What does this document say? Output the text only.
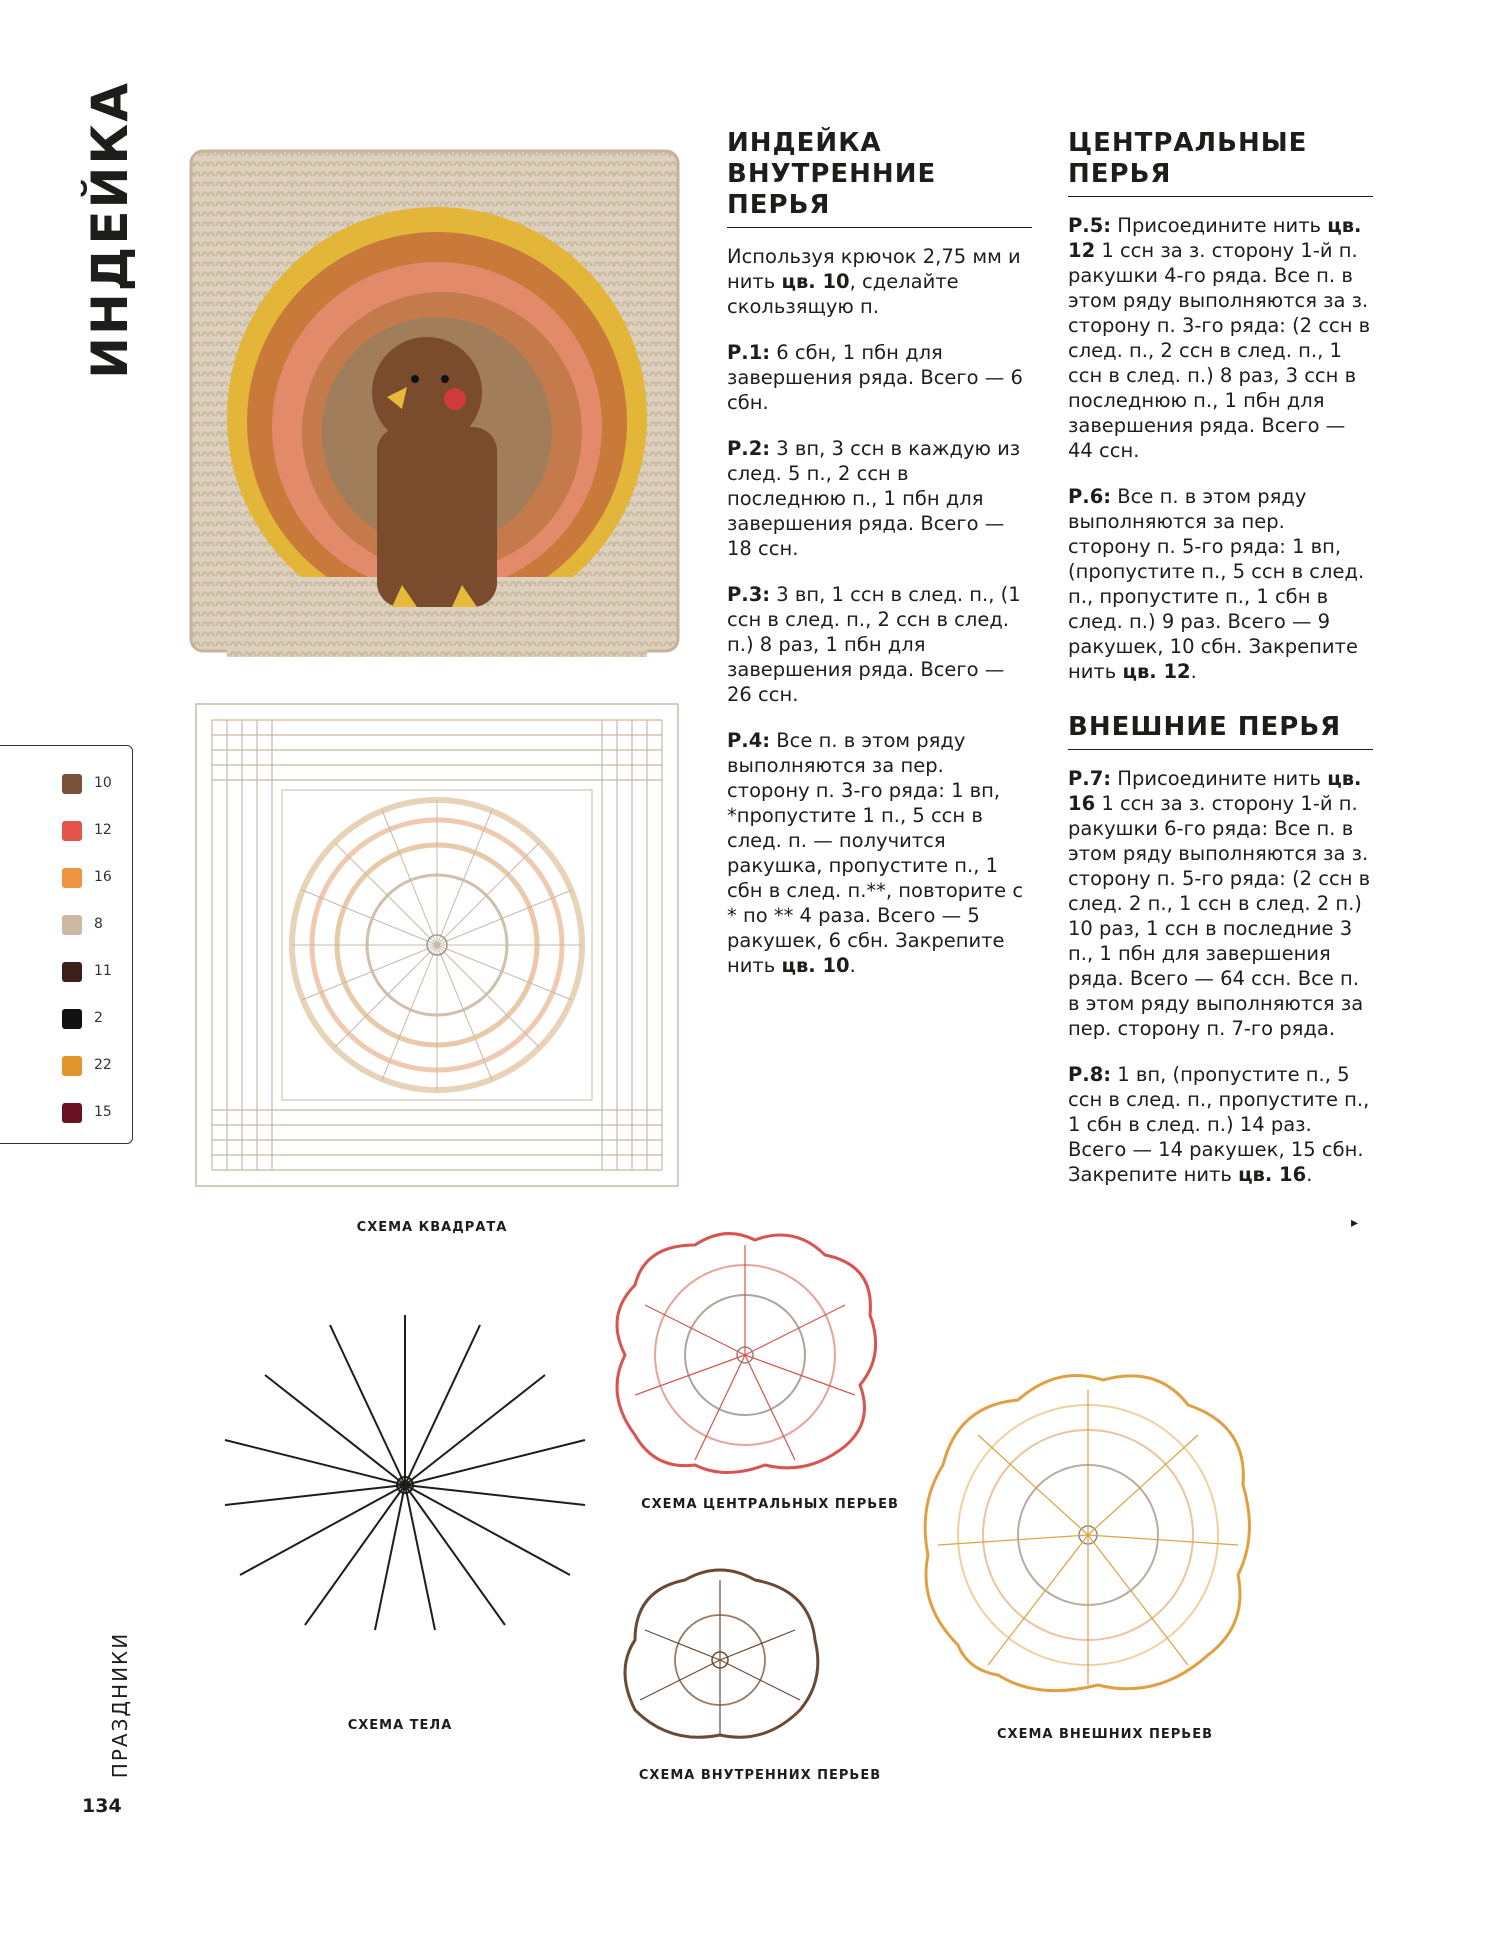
ИНДЕЙКА	ИНДЕЙКА
ВНУТРЕННИЕ ПЕРЬЯ

Используя крючок 2,75 мм и нить цв. 10, сделайте скользящую п.

Р.1: 6 сбн, 1 пбн для завершения ряда. Всего — 6 сбн.

Р.2: 3 вп, 3 ссн в каждую из след. 5 п., 2 ссн в последнюю п., 1 пбн для завершения ряда. Всего — 18 ссн.

Р.3: 3 вп, 1 ссн в след. п., (1 ссн в след. п., 2 ссн в след. п.) 8 раз, 1 пбн для завершения ряда. Всего — 26 ссн.

Р.4: Все п. в этом ряду выполняются за пер. сторону п. 3-го ряда: 1 вп, *пропустите 1 п., 5 ссн в след. п. — получится ракушка, пропустите п., 1 сбн в след. п.**, повторите с * по ** 4 раза. Всего — 5 ракушек, 6 сбн. Закрепите нить цв. 10.

ЦЕНТРАЛЬНЫЕ ПЕРЬЯ

Р.5: Присоедините нить цв. 12 1 ссн за з. сторону 1-й п. ракушки 4-го ряда. Все п. в этом ряду выполняются за з. сторону п. 3-го ряда: (2 ссн в след. п., 2 ссн в след. п., 1 ссн в след. п.) 8 раз, 3 ссн в последнюю п., 1 пбн для завершения ряда. Всего — 44 ссн.

Р.6: Все п. в этом ряду выполняются за пер. сторону п. 5-го ряда: 1 вп, (пропустите п., 5 ссн в след. п., пропустите п., 1 сбн в след. п.) 9 раз. Всего — 9 ракушек, 10 сбн. Закрепите нить цв. 12.

ВНЕШНИЕ ПЕРЬЯ

Р.7: Присоедините нить цв. 16 1 ссн за з. сторону 1-й п. ракушки 6-го ряда: Все п. в этом ряду выполняются за з. сторону п. 5-го ряда: (2 ссн в след. 2 п., 1 ссн в след. 2 п.) 10 раз, 1 ссн в последние 3 п., 1 пбн для завершения ряда. Всего — 64 ссн. Все п. в этом ряду выполняются за пер. сторону п. 7-го ряда.

Р.8: 1 вп, (пропустите п., 5 ссн в след. п., пропустите п., 1 сбн в след. п.) 14 раз. Всего — 14 ракушек, 15 сбн. Закрепите нить цв. 16.

10
12
16
8
11
2
22
15
СХЕМА КВАДРАТА
СХЕМА ТЕЛА
СХЕМА ЦЕНТРАЛЬНЫХ ПЕРЬЕВ
СХЕМА ВНУТРЕННИХ ПЕРЬЕВ
СХЕМА ВНЕШНИХ ПЕРЬЕВ
▸
ПРАЗДНИКИ
134
